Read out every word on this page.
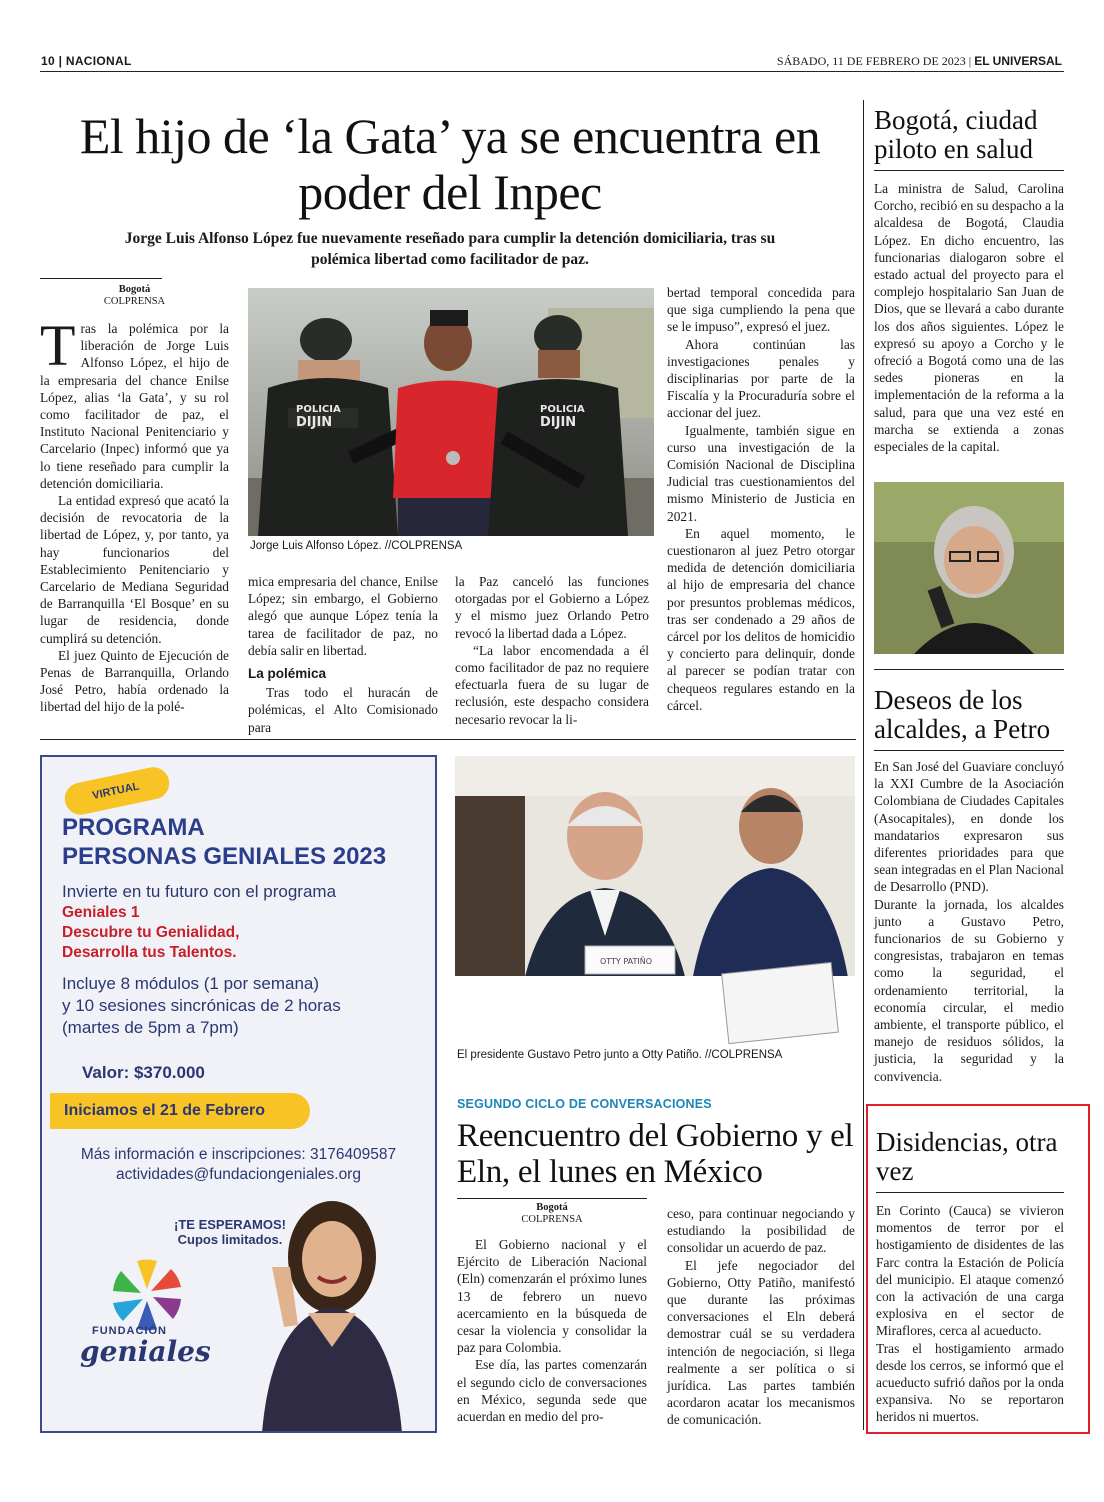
10 | NACIONAL	SÁBADO, 11 DE FEBRERO DE 2023 | EL UNIVERSAL
El hijo de ‘la Gata’ ya se encuentra en poder del Inpec
Jorge Luis Alfonso López fue nuevamente reseñado para cumplir la detención domiciliaria, tras su polémica libertad como facilitador de paz.
Bogotá
COLPRENSA

Tras la polémica por la liberación de Jorge Luis Alfonso López, el hijo de la empresaria del chance Enilse López, alias ‘la Gata’, y su rol como facilitador de paz, el Instituto Nacional Penitenciario y Carcelario (Inpec) informó que ya lo tiene reseñado para cumplir la detención domiciliaria.

La entidad expresó que acató la decisión de revocatoria de la libertad de López, y, por tanto, ya hay funcionarios del Establecimiento Penitenciario y Carcelario de Mediana Seguridad de Barranquilla ‘El Bosque’ en su lugar de residencia, donde cumplirá su detención.

El juez Quinto de Ejecución de Penas de Barranquilla, Orlando José Petro, había ordenado la libertad del hijo de la polé-

POLICIA
DIJIN
POLICIA
DIJIN
Jorge Luis Alfonso López. //COLPRENSA

mica empresaria del chance, Enilse López; sin embargo, el Gobierno alegó que aunque López tenía la tarea de facilitador de paz, no debía salir en libertad.

La polémica

Tras todo el huracán de polémicas, el Alto Comisionado para

la Paz canceló las funciones otorgadas por el Gobierno a López y el mismo juez Orlando Petro revocó la libertad dada a López.

“La labor encomendada a él como facilitador de paz no requiere efectuarla fuera de su lugar de reclusión, este despacho considera necesario revocar la li-

bertad temporal concedida para que siga cumpliendo la pena que se le impuso”, expresó el juez.

Ahora continúan las investigaciones penales y disciplinarias por parte de la Fiscalía y la Procuraduría sobre el accionar del juez.

Igualmente, también sigue en curso una investigación de la Comisión Nacional de Disciplina Judicial tras cuestionamientos del mismo Ministerio de Justicia en 2021.

En aquel momento, le cuestionaron al juez Petro otorgar medida de detención domiciliaria al hijo de empresaria del chance por presuntos problemas médicos, tras ser condenado a 29 años de cárcel por los delitos de homicidio y concierto para delinquir, donde al parecer se podían tratar con chequeos regulares estando en la cárcel.

Bogotá, ciudad piloto en salud

La ministra de Salud, Carolina Corcho, recibió en su despacho a la alcaldesa de Bogotá, Claudia López. En dicho encuentro, las funcionarias dialogaron sobre el estado actual del proyecto para el complejo hospitalario San Juan de Dios, que se llevará a cabo durante los dos años siguientes. López le expresó su apoyo a Corcho y le ofreció a Bogotá como una de las sedes pioneras en la implementación de la reforma a la salud, para que una vez esté en marcha se extienda a zonas especiales de la capital.

Deseos de los alcaldes, a Petro

En San José del Guaviare concluyó la XXI Cumbre de la Asociación Colombiana de Ciudades Capitales (Asocapitales), en donde los mandatarios expresaron sus diferentes prioridades para que sean integradas en el Plan Nacional de Desarrollo (PND).

Durante la jornada, los alcaldes junto a Gustavo Petro, funcionarios de su Gobierno y congresistas, trabajaron en temas como la seguridad, el ordenamiento territorial, la economía circular, el medio ambiente, el transporte público, el manejo de residuos sólidos, la justicia, la seguridad y la convivencia.

Disidencias, otra vez

En Corinto (Cauca) se vivieron momentos de terror por el hostigamiento de disidentes de las Farc contra la Estación de Policía del municipio. El ataque comenzó con la activación de una carga explosiva en el sector de Miraflores, cerca al acueducto.

Tras el hostigamiento armado desde los cerros, se informó que el acueducto sufrió daños por la onda expansiva. No se reportaron heridos ni muertos.

VIRTUAL
PROGRAMA
PERSONAS GENIALES 2023
Invierte en tu futuro con el programa
Geniales 1
Descubre tu Genialidad,
Desarrolla tus Talentos.
Incluye 8 módulos (1 por semana)
y 10 sesiones sincrónicas de 2 horas
(martes de 5pm a 7pm)
Valor: $370.000
Iniciamos el 21 de Febrero
Más información e inscripciones: 3176409587
actividades@fundaciongeniales.org
¡TE ESPERAMOS!
Cupos limitados.
FUNDACIÓN
geniales
OTTY PATIÑO
El presidente Gustavo Petro junto a Otty Patiño. //COLPRENSA
SEGUNDO CICLO DE CONVERSACIONES
Reencuentro del Gobierno y el Eln, el lunes en México
Bogotá
COLPRENSA

El Gobierno nacional y el Ejército de Liberación Nacional (Eln) comenzarán el próximo lunes 13 de febrero un nuevo acercamiento en la búsqueda de cesar la violencia y consolidar la paz para Colombia.

Ese día, las partes comenzarán el segundo ciclo de conversaciones en México, segunda sede que acuerdan en medio del pro-

ceso, para continuar negociando y estudiando la posibilidad de consolidar un acuerdo de paz.

El jefe negociador del Gobierno, Otty Patiño, manifestó que durante las próximas conversaciones el Eln deberá demostrar cuál se su verdadera intención de negociación, si llega realmente a ser política o si jurídica. Las partes también acordaron acatar los mecanismos de comunicación.
